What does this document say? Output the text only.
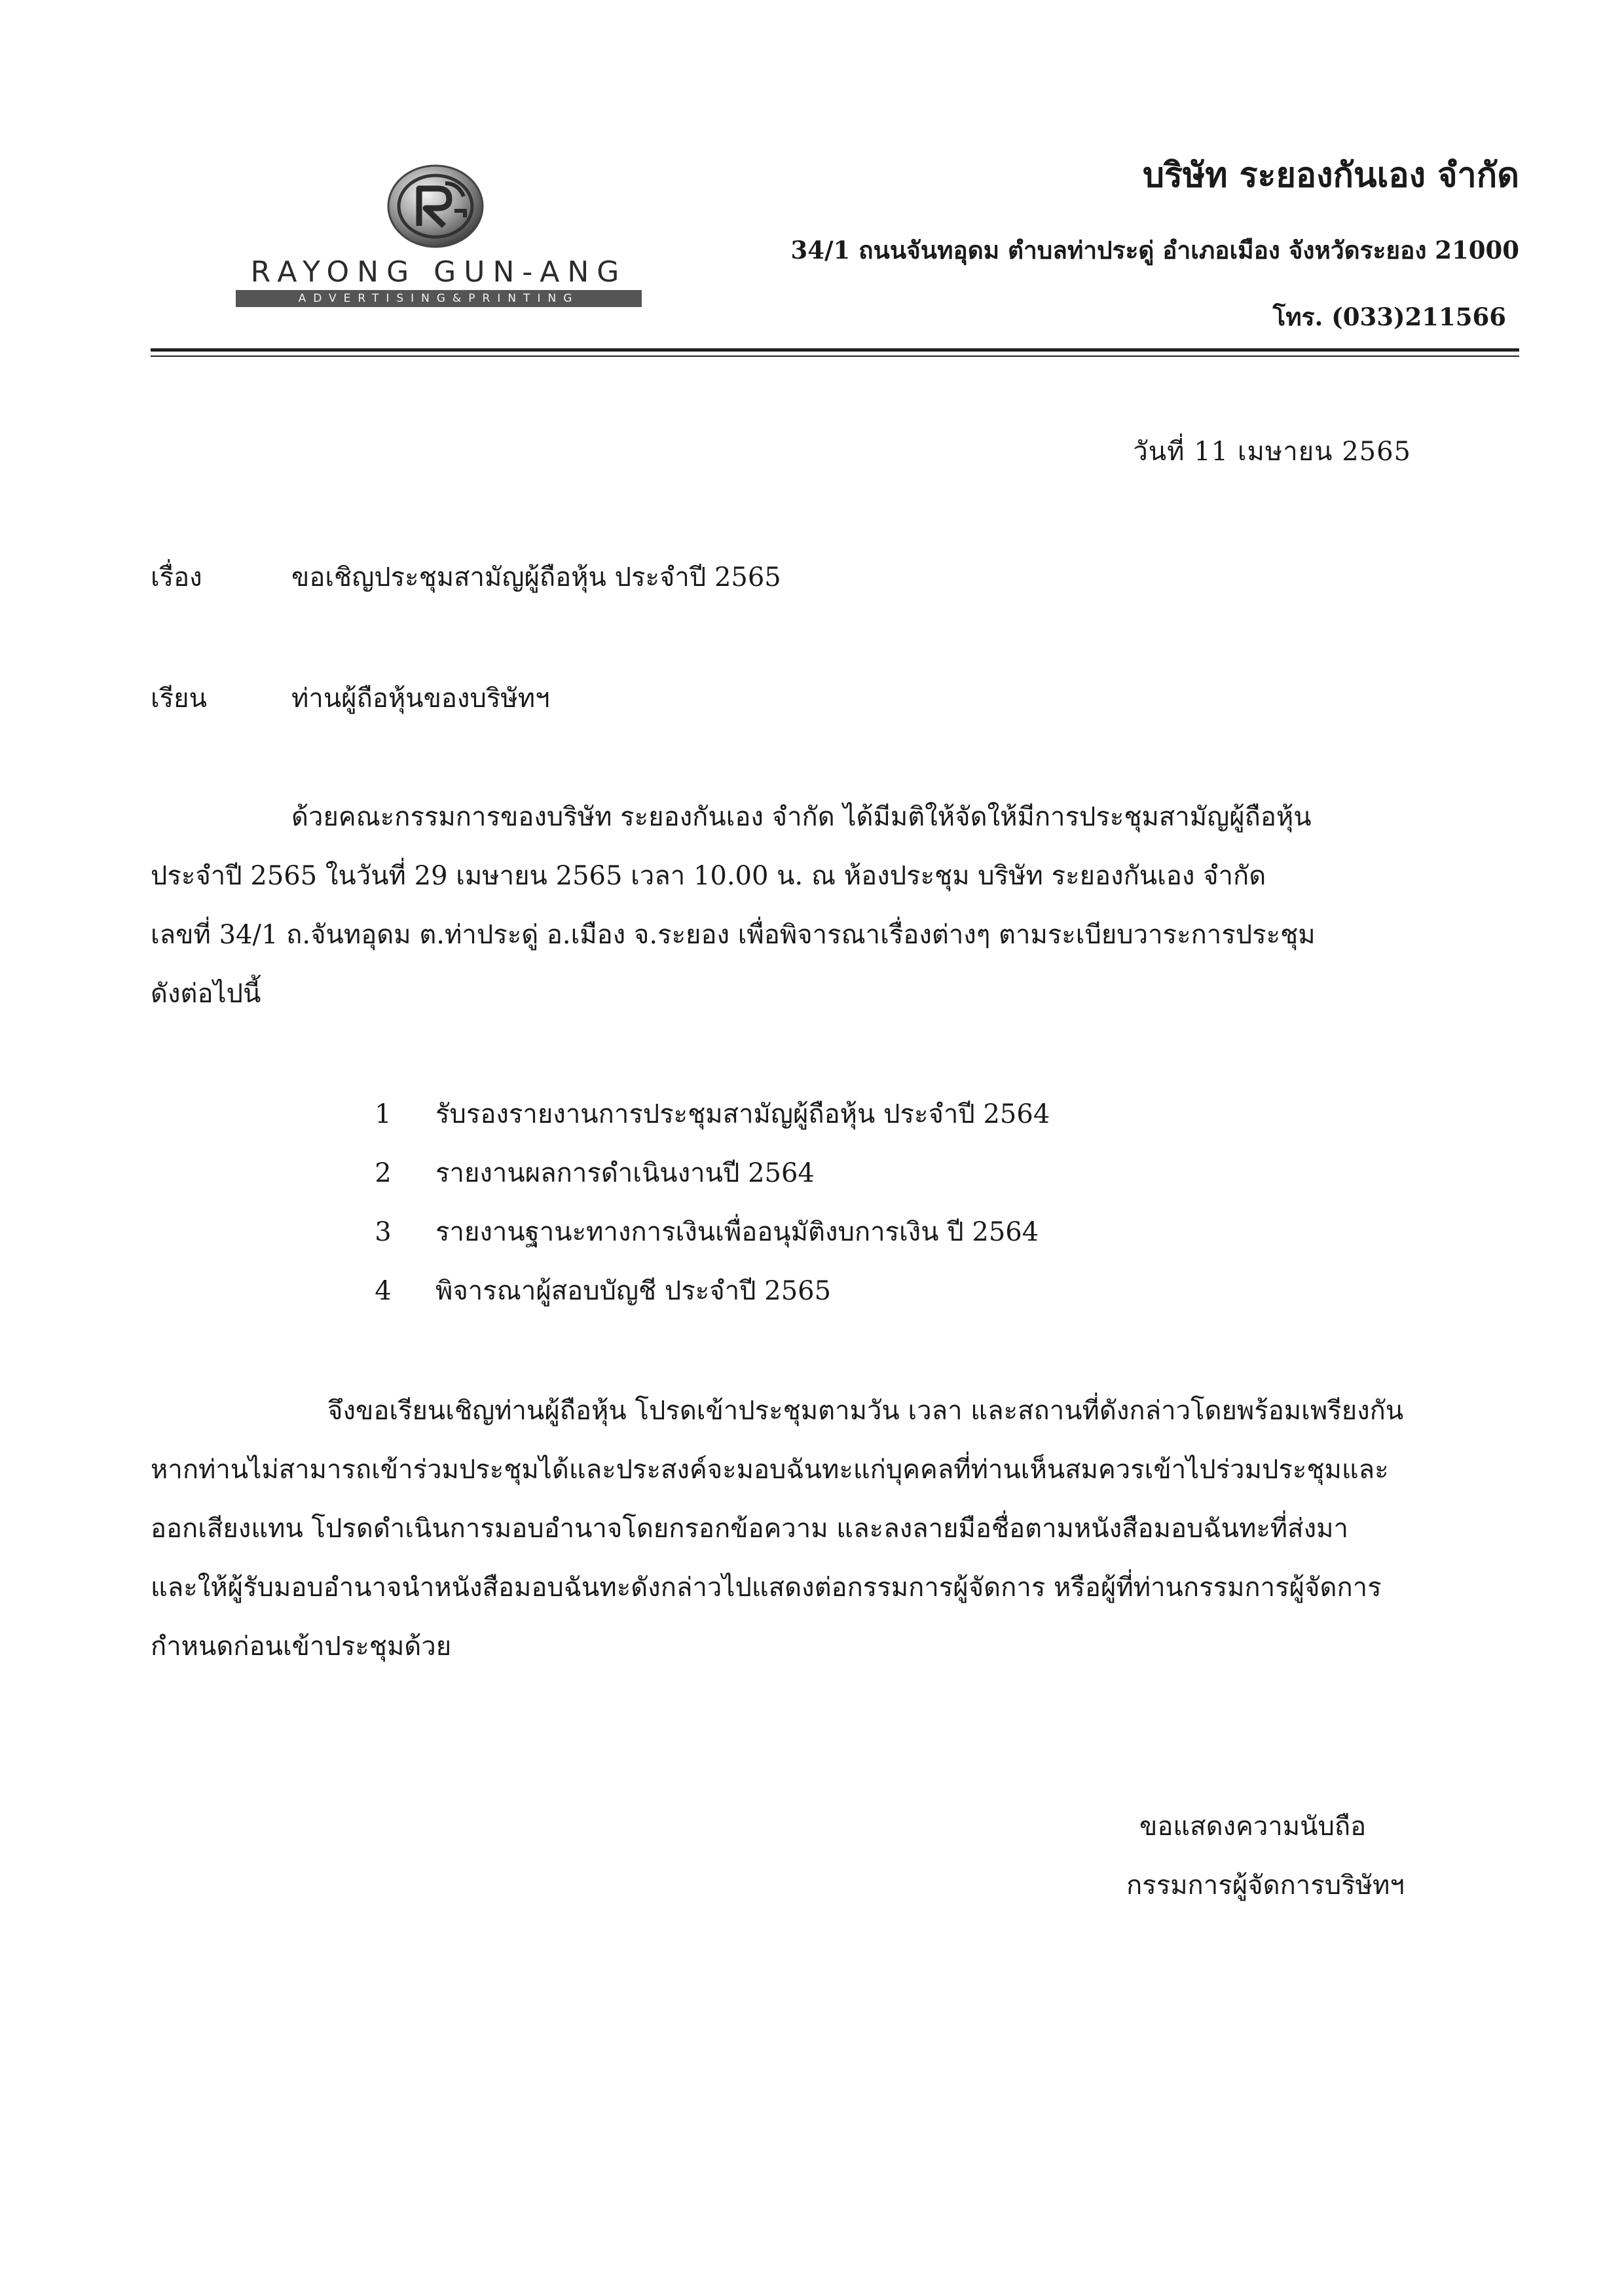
RAYONG GUN-ANG
ADVERTISING&PRINTING
บริษัท ระยองกันเอง จำกัด
34/1 ถนนจันทอุดม ตำบลท่าประดู่ อำเภอเมือง จังหวัดระยอง 21000
โทร. (033)211566
วันที่ 11 เมษายน 2565
เรื่อง	ขอเชิญประชุมสามัญผู้ถือหุ้น ประจำปี 2565
เรียน	ท่านผู้ถือหุ้นของบริษัทฯ
ด้วยคณะกรรมการของบริษัท ระยองกันเอง จำกัด ได้มีมติให้จัดให้มีการประชุมสามัญผู้ถือหุ้น
ประจำปี 2565 ในวันที่ 29 เมษายน 2565 เวลา 10.00 น. ณ ห้องประชุม บริษัท ระยองกันเอง จำกัด
เลขที่ 34/1 ถ.จันทอุดม ต.ท่าประดู่ อ.เมือง จ.ระยอง เพื่อพิจารณาเรื่องต่างๆ ตามระเบียบวาระการประชุม
ดังต่อไปนี้
1 รับรองรายงานการประชุมสามัญผู้ถือหุ้น ประจำปี 2564
2 รายงานผลการดำเนินงานปี 2564
3 รายงานฐานะทางการเงินเพื่ออนุมัติงบการเงิน ปี 2564
4 พิจารณาผู้สอบบัญชี ประจำปี 2565
จึงขอเรียนเชิญท่านผู้ถือหุ้น โปรดเข้าประชุมตามวัน เวลา และสถานที่ดังกล่าวโดยพร้อมเพรียงกัน
หากท่านไม่สามารถเข้าร่วมประชุมได้และประสงค์จะมอบฉันทะแก่บุคคลที่ท่านเห็นสมควรเข้าไปร่วมประชุมและ
ออกเสียงแทน โปรดดำเนินการมอบอำนาจโดยกรอกข้อความ และลงลายมือชื่อตามหนังสือมอบฉันทะที่ส่งมา
และให้ผู้รับมอบอำนาจนำหนังสือมอบฉันทะดังกล่าวไปแสดงต่อกรรมการผู้จัดการ หรือผู้ที่ท่านกรรมการผู้จัดการ
กำหนดก่อนเข้าประชุมด้วย
ขอแสดงความนับถือ
กรรมการผู้จัดการบริษัทฯ
